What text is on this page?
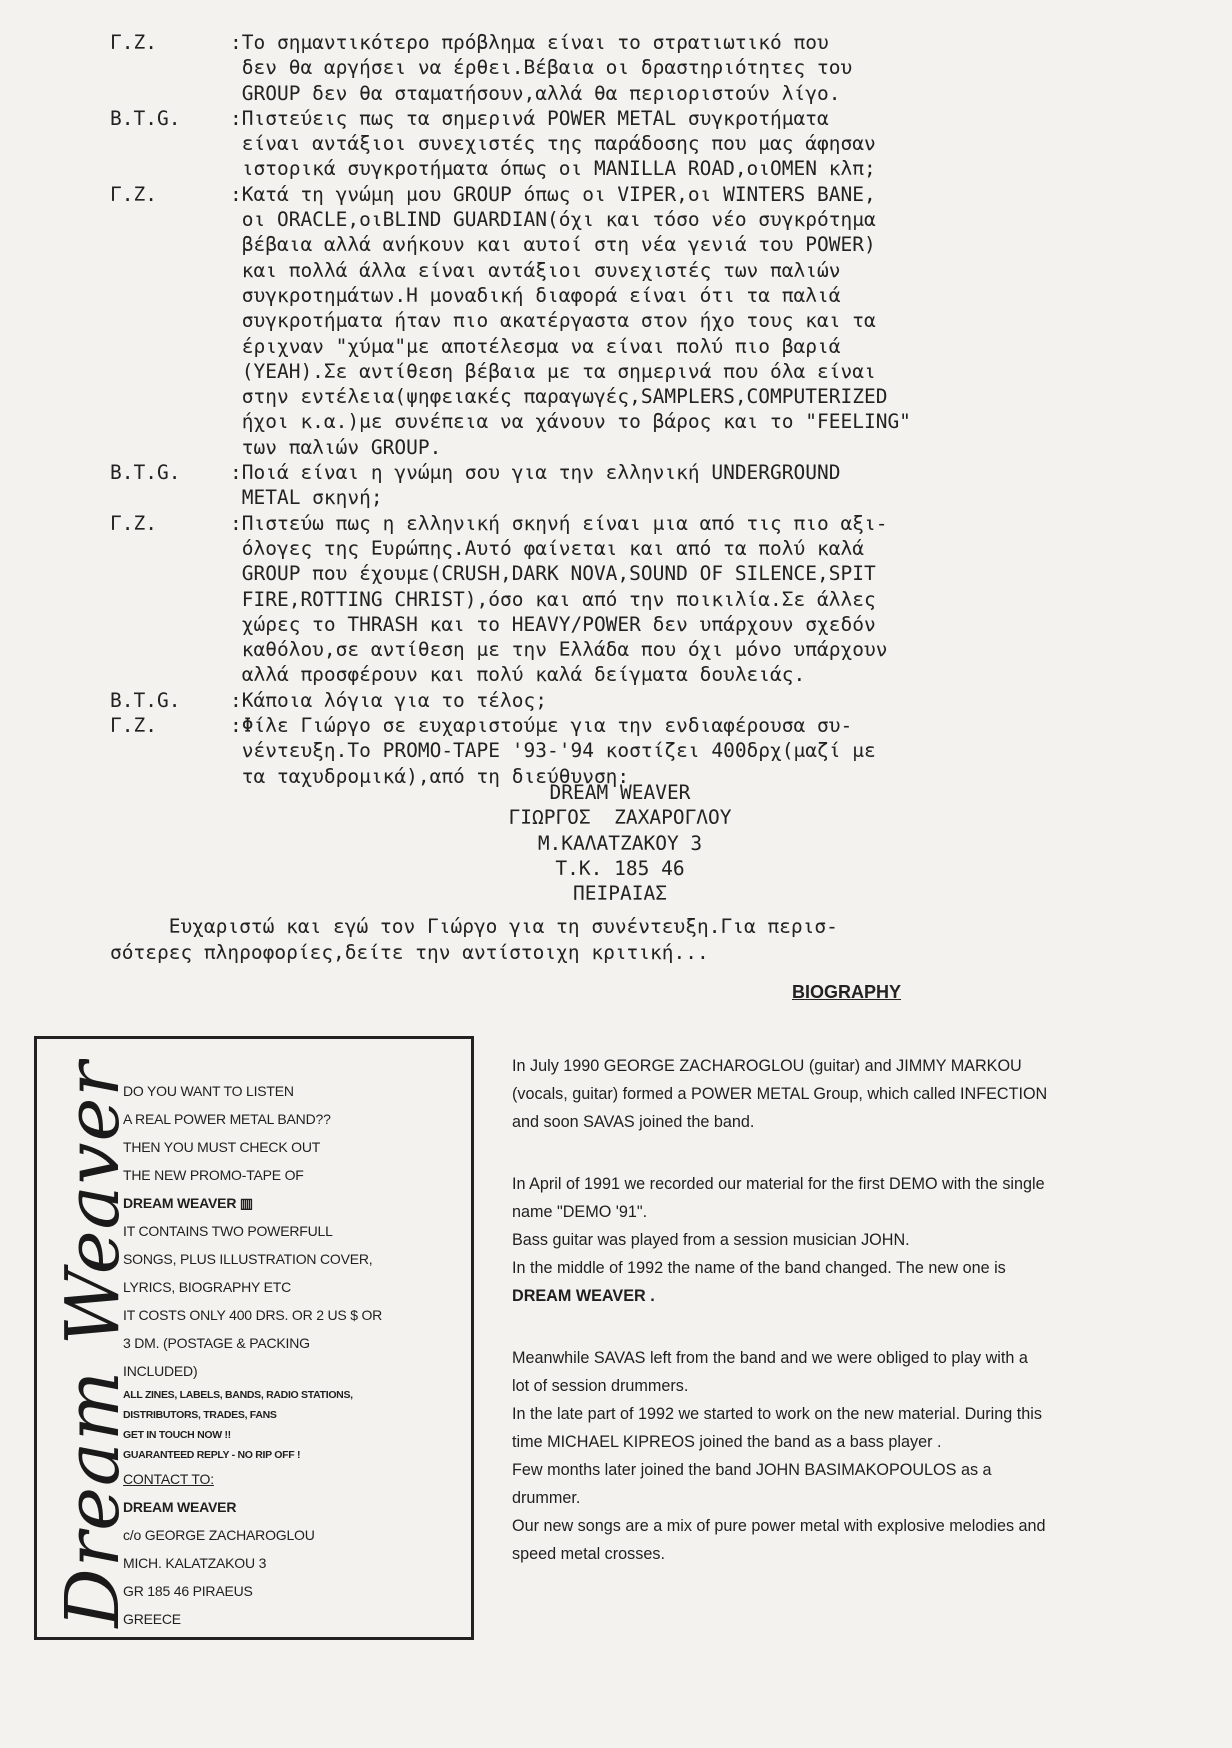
Γ.Ζ.	:Το σημαντικότερο πρόβλημα είναι το στρατιωτικό που
δεν θα αργήσει να έρθει.Βέβαια οι δραστηριότητες του
GROUP δεν θα σταματήσουν,αλλά θα περιοριστούν λίγο.
B.T.G.	:Πιστεύεις πως τα σημερινά POWER METAL συγκροτήματα
είναι αντάξιοι συνεχιστές της παράδοσης που μας άφησαν
ιστορικά συγκροτήματα όπως οι MANILLA ROAD,οιOMEN κλπ;
Γ.Ζ.	:Κατά τη γνώμη μου GROUP όπως οι VIPER,οι WINTERS BANE,
οι ORACLE,οιBLIND GUARDIAN(όχι και τόσο νέο συγκρότημα
βέβαια αλλά ανήκουν και αυτοί στη νέα γενιά του POWER)
και πολλά άλλα είναι αντάξιοι συνεχιστές των παλιών
συγκροτημάτων.Η μοναδική διαφορά είναι ότι τα παλιά
συγκροτήματα ήταν πιο ακατέργαστα στον ήχο τους και τα
έριχναν "χύμα"με αποτέλεσμα να είναι πολύ πιο βαριά
(YEAH).Σε αντίθεση βέβαια με τα σημερινά που όλα είναι
στην εντέλεια(ψηφειακές παραγωγές,SAMPLERS,COMPUTERIZED
ήχοι κ.α.)με συνέπεια να χάνουν το βάρος και το "FEELING"
των παλιών GROUP.
B.T.G.	:Ποιά είναι η γνώμη σου για την ελληνική UNDERGROUND
METAL σκηνή;
Γ.Ζ.	:Πιστεύω πως η ελληνική σκηνή είναι μια από τις πιο αξι-
όλογες της Ευρώπης.Αυτό φαίνεται και από τα πολύ καλά
GROUP που έχουμε(CRUSH,DARK NOVA,SOUND OF SILENCE,SPIT
FIRE,ROTTING CHRIST),όσο και από την ποικιλία.Σε άλλες
χώρες το THRASH και το HEAVY/POWER δεν υπάρχουν σχεδόν
καθόλου,σε αντίθεση με την Ελλάδα που όχι μόνο υπάρχουν
αλλά προσφέρουν και πολύ καλά δείγματα δουλειάς.
B.T.G.	:Κάποια λόγια για το τέλος;
Γ.Ζ.	:Φίλε Γιώργο σε ευχαριστούμε για την ενδιαφέρουσα συ-
νέντευξη.Το PROMO-TAPE '93-'94 κοστίζει 400δρχ(μαζί με
τα ταχυδρομικά),από τη διεύθυνση:
DREAM WEAVER
ΓΙΩΡΓΟΣ  ΖΑΧΑΡΟΓΛΟΥ
Μ.ΚΑΛΑΤΖΑΚΟΥ 3
Τ.Κ. 185 46
ΠΕΙΡΑΙΑΣ
Ευχαριστώ και εγώ τον Γιώργο για τη συνέντευξη.Για περισ-
σότερες πληροφορίες,δείτε την αντίστοιχη κριτική...
BIOGRAPHY
Dream Weaver
DO YOU WANT TO LISTEN
A REAL POWER METAL BAND??
THEN YOU MUST CHECK OUT
THE NEW PROMO-TAPE OF
DREAM WEAVER ▥
IT CONTAINS TWO POWERFULL
SONGS, PLUS ILLUSTRATION COVER,
LYRICS, BIOGRAPHY ETC
IT COSTS ONLY 400 DRS. OR 2 US $ OR
3 DM. (POSTAGE & PACKING
INCLUDED)
ALL ZINES, LABELS, BANDS, RADIO STATIONS,
DISTRIBUTORS, TRADES, FANS
GET IN TOUCH NOW !!
GUARANTEED REPLY - NO RIP OFF !
CONTACT TO:
DREAM WEAVER
c/o GEORGE ZACHAROGLOU
MICH. KALATZAKOU 3
GR 185 46 PIRAEUS
GREECE
In July 1990 GEORGE ZACHAROGLOU (guitar) and JIMMY MARKOU
(vocals, guitar) formed a POWER METAL Group, which called INFECTION
and soon SAVAS joined the band.
In April of 1991 we recorded our material for the first DEMO with the single
name "DEMO '91".
Bass guitar was played from a session musician JOHN.
In the middle of 1992 the name of the band changed. The new one is
DREAM WEAVER .
Meanwhile SAVAS left from the band and we were obliged to play with a
lot of session drummers.
In the late part of 1992 we started to work on the new material. During this
time MICHAEL KIPREOS joined the band as a bass player .
Few months later joined the band JOHN BASIMAKOPOULOS as a
drummer.
Our new songs are a mix of pure power metal with explosive melodies and
speed metal crosses.
